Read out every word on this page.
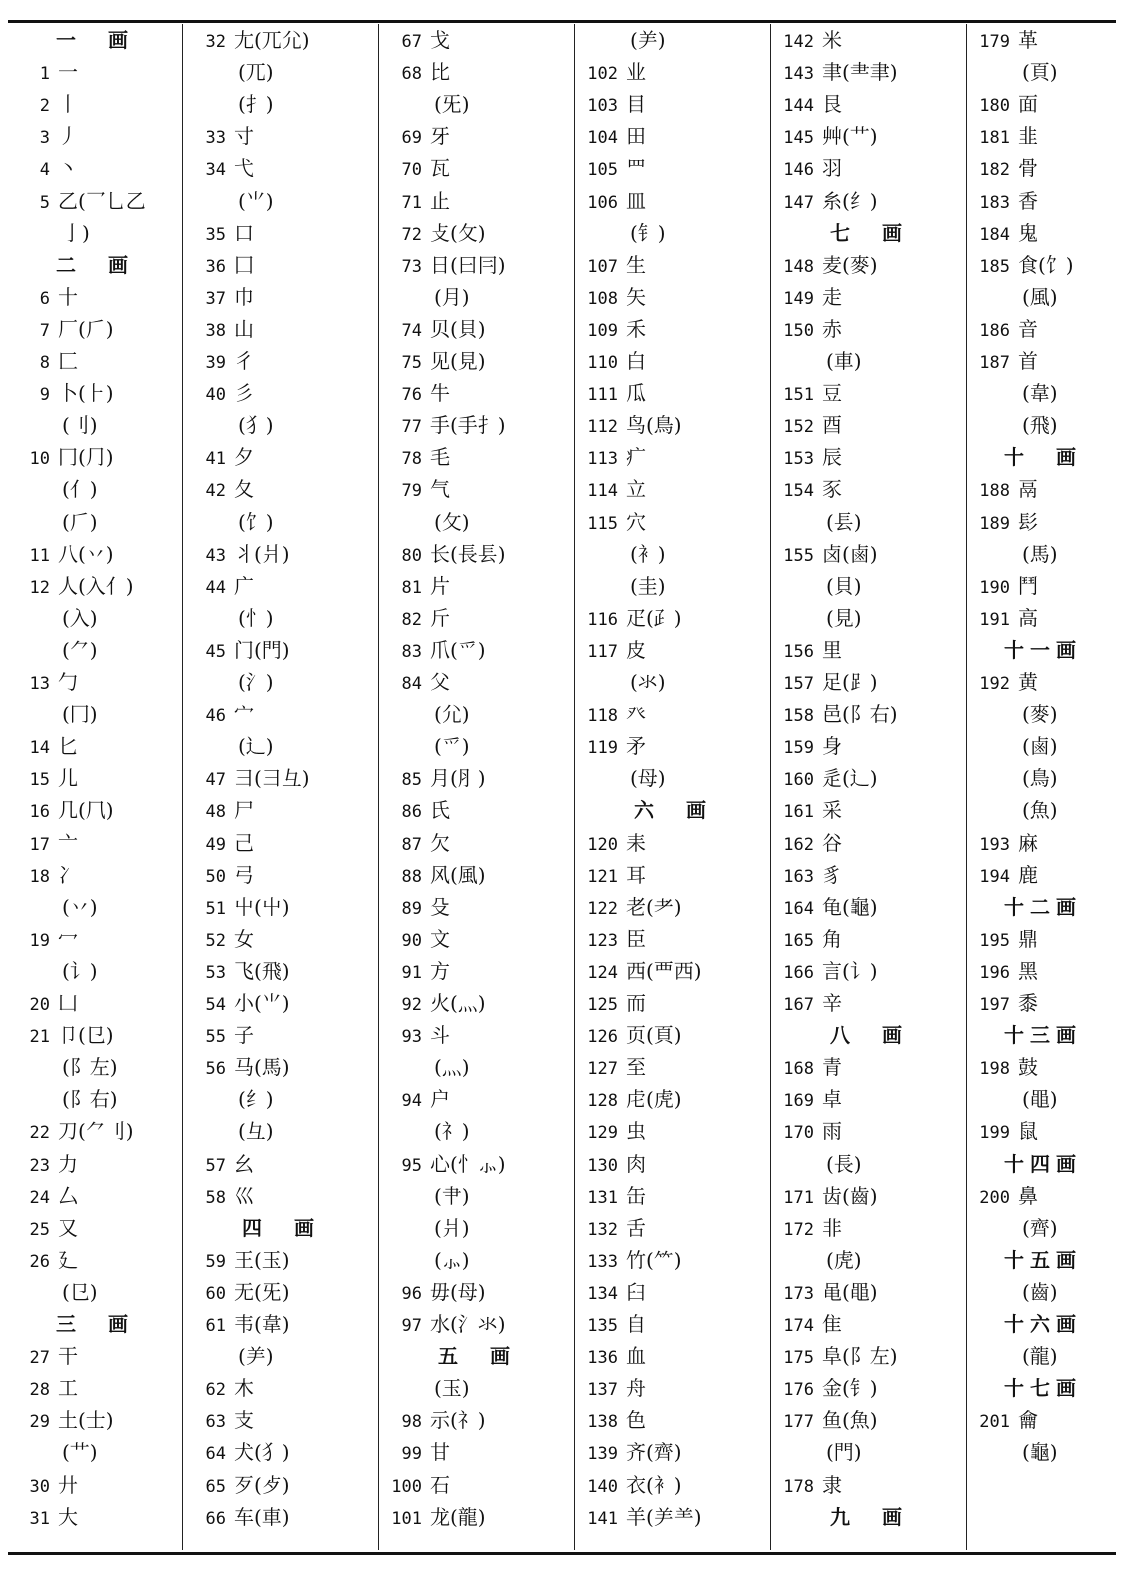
一　画
1 一
2 丨
3 丿
4 丶
5 乙(乛乚乙
亅)
二　画
6 十
7 厂(𠂆)
8 匚
9 卜(⺊)
(刂)
10 冂(⺆)
(亻)
(𠂆)
11 八(丷)
12 人(入亻)
(入)
(⺈)
13 勹
(冂)
14 匕
15 儿
16 几(𠘨)
17 亠
18 冫
(丷)
19 冖
(讠)
20 凵
21 卩(㔾)
(阝左)
(阝右)
22 刀(⺈刂)
23 力
24 厶
25 又
26 廴
(㔾)
三　画
27 干
28 工
29 土(士)
(艹)
30 廾
31 大
32 尢(兀尣)
(兀)
(扌)
33 寸
34 弋
(⺌)
35 口
36 囗
37 巾
38 山
39 彳
40 彡
(犭)
41 夕
42 夂
(饣)
43 丬(爿)
44 广
(忄)
45 门(門)
(氵)
46 宀
(辶)
47 彐(彐彑)
48 尸
49 己
50 弓
51 屮(屮)
52 女
53 飞(飛)
54 小(⺌)
55 子
56 马(馬)
(纟)
(彑)
57 幺
58 巛
四　画
59 王(玉)
60 无(旡)
61 韦(韋)
(⺶)
62 木
63 支
64 犬(犭)
65 歹(歺)
66 车(車)
67 戈
68 比
(旡)
69 牙
70 瓦
71 止
72 攴(攵)
73 日(曰冃)
(月)
74 贝(貝)
75 见(見)
76 牛
77 手(手扌)
78 毛
79 气
(攵)
80 长(長镸)
81 片
82 斤
83 爪(爫)
84 父
(尣)
(爫)
85 月(⺼)
86 氏
87 欠
88 风(風)
89 殳
90 文
91 方
92 火(灬)
93 斗
(灬)
94 户
(礻)
95 心(忄⺗)
(肀)
(爿)
(⺗)
96 毋(母)
97 水(氵氺)
五　画
(玉)
98 示(礻)
99 甘
100 石
101 龙(龍)
(⺶)
102 业
103 目
104 田
105 罒
106 皿
(钅)
107 生
108 矢
109 禾
110 白
111 瓜
112 鸟(鳥)
113 疒
114 立
115 穴
(衤)
(圭)
116 疋(⺪)
117 皮
(氺)
118 癶
119 矛
(母)
六　画
120 耒
121 耳
122 老(耂)
123 臣
124 西(覀西)
125 而
126 页(頁)
127 至
128 虍(虎)
129 虫
130 肉
131 缶
132 舌
133 竹(⺮)
134 臼
135 自
136 血
137 舟
138 色
139 齐(齊)
140 衣(衤)
141 羊(⺶⺷)
142 米
143 聿(⺻聿)
144 艮
145 艸(艹)
146 羽
147 糸(纟)
七　画
148 麦(麥)
149 走
150 赤
(車)
151 豆
152 酉
153 辰
154 豕
(镸)
155 卤(鹵)
(貝)
(見)
156 里
157 足(⻊)
158 邑(阝右)
159 身
160 辵(辶)
161 采
162 谷
163 豸
164 龟(龜)
165 角
166 言(讠)
167 辛
八　画
168 青
169 卓
170 雨
(長)
171 齿(齒)
172 非
(虎)
173 黾(黽)
174 隹
175 阜(阝左)
176 金(钅)
177 鱼(魚)
(門)
178 隶
九　画
179 革
(頁)
180 面
181 韭
182 骨
183 香
184 鬼
185 食(饣)
(風)
186 音
187 首
(韋)
(飛)
十　画
188 鬲
189 髟
(馬)
190 鬥
191 高
十一画
192 黄
(麥)
(鹵)
(鳥)
(魚)
193 麻
194 鹿
十二画
195 鼎
196 黑
197 黍
十三画
198 鼓
(黽)
199 鼠
十四画
200 鼻
(齊)
十五画
(齒)
十六画
(龍)
十七画
201 龠
(龜)
